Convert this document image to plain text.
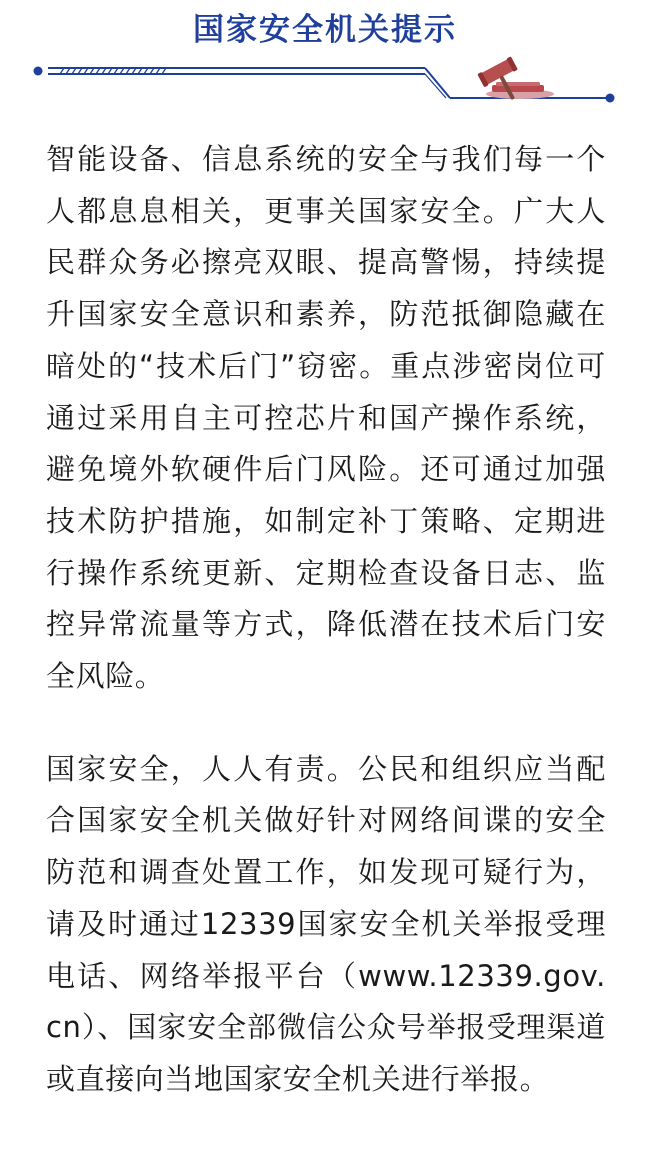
国家安全机关提示

智能设备、信息系统的安全与我们每一个人都息息相关，更事关国家安全。广大人民群众务必擦亮双眼、提高警惕，持续提升国家安全意识和素养，防范抵御隐藏在暗处的“技术后门”窃密。重点涉密岗位可通过采用自主可控芯片和国产操作系统，避免境外软硬件后门风险。还可通过加强技术防护措施，如制定补丁策略、定期进行操作系统更新、定期检查设备日志、监控异常流量等方式，降低潜在技术后门安全风险。

国家安全，人人有责。公民和组织应当配合国家安全机关做好针对网络间谍的安全防范和调查处置工作，如发现可疑行为，请及时通过12339国家安全机关举报受理电话、网络举报平台（www.12339.gov.cn）、国家安全部微信公众号举报受理渠道或直接向当地国家安全机关进行举报。
